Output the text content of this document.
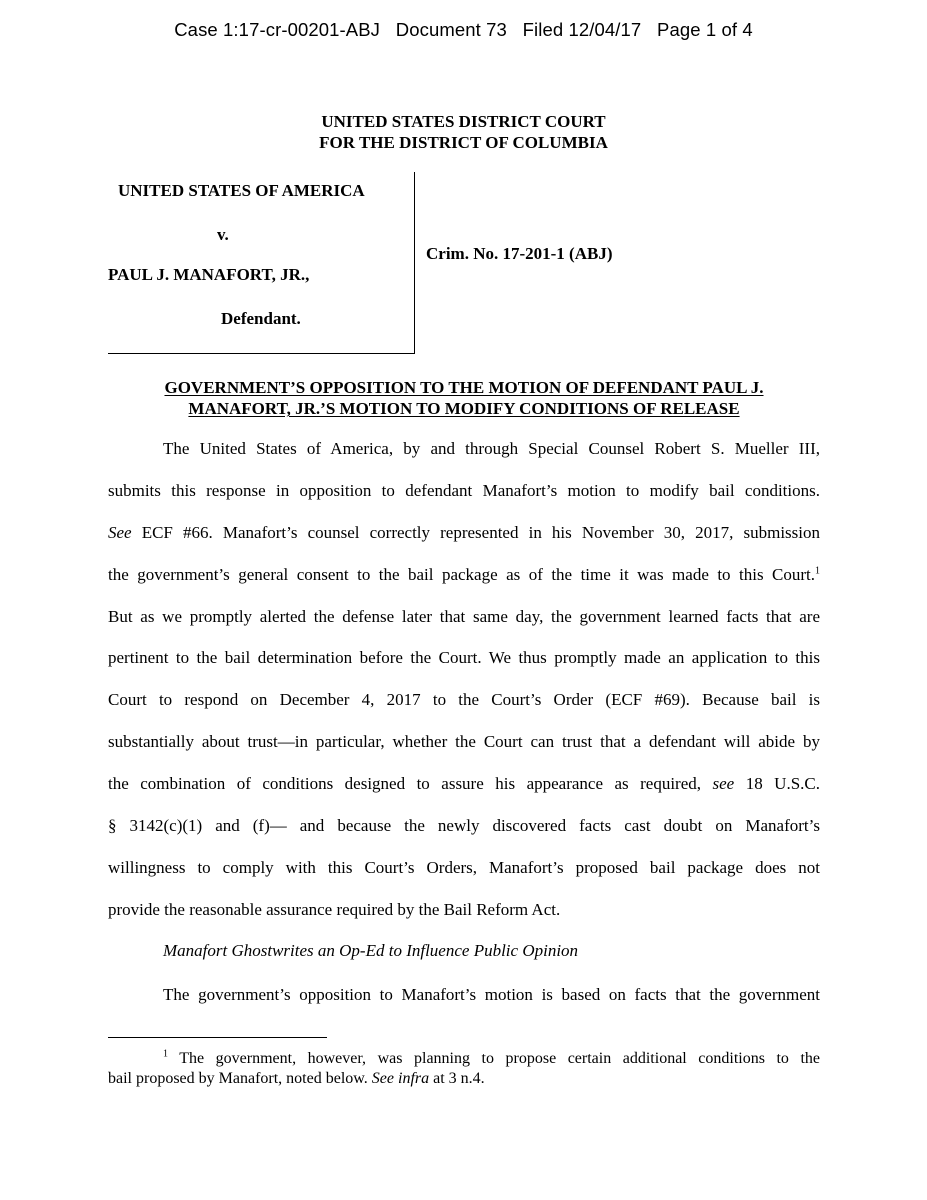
Case 1:17-cr-00201-ABJ Document 73 Filed 12/04/17 Page 1 of 4
UNITED STATES DISTRICT COURT
FOR THE DISTRICT OF COLUMBIA
UNITED STATES OF AMERICA
v.
PAUL J. MANAFORT, JR.,
Defendant.
Crim. No. 17-201-1 (ABJ)
GOVERNMENT’S OPPOSITION TO THE MOTION OF DEFENDANT PAUL J.
MANAFORT, JR.’S MOTION TO MODIFY CONDITIONS OF RELEASE
The United States of America, by and through Special Counsel Robert S. Mueller III,
submits this response in opposition to defendant Manafort’s motion to modify bail conditions.
See ECF #66. Manafort’s counsel correctly represented in his November 30, 2017, submission
the government’s general consent to the bail package as of the time it was made to this Court.$^1$
But as we promptly alerted the defense later that same day, the government learned facts that are
pertinent to the bail determination before the Court. We thus promptly made an application to this
Court to respond on December 4, 2017 to the Court’s Order (ECF #69). Because bail is
substantially about trust—in particular, whether the Court can trust that a defendant will abide by
the combination of conditions designed to assure his appearance as required, see 18 U.S.C.
§ 3142(c)(1) and (f)— and because the newly discovered facts cast doubt on Manafort’s
willingness to comply with this Court’s Orders, Manafort’s proposed bail package does not
provide the reasonable assurance required by the Bail Reform Act.
Manafort Ghostwrites an Op-Ed to Influence Public Opinion
The government’s opposition to Manafort’s motion is based on facts that the government
$^1$ The government, however, was planning to propose certain additional conditions to the
bail proposed by Manafort, noted below. See infra at 3 n.4.
